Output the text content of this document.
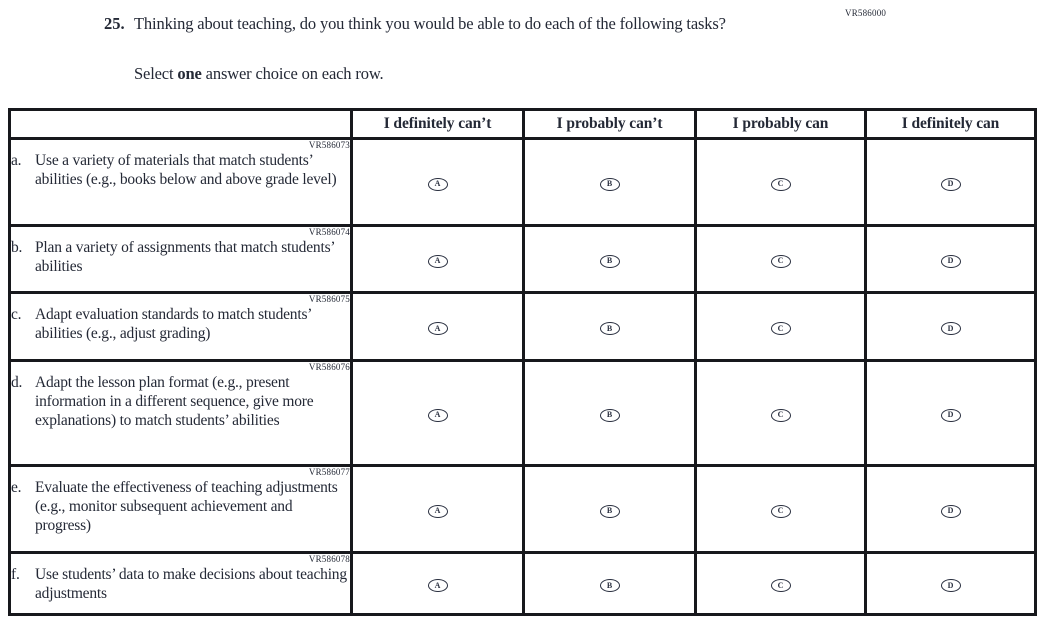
VR586000
25. Thinking about teaching, do you think you would be able to do each of the following tasks?
Select one answer choice on each row.
	I definitely can’t	I probably can’t	I probably can	I definitely can

VR586073
a. Use a variety of materials that match students’ abilities (e.g., books below and above grade level)	A	B	C	D

VR586074
b. Plan a variety of assignments that match students’ abilities	A	B	C	D

VR586075
c. Adapt evaluation standards to match students’ abilities (e.g., adjust grading)	A	B	C	D

VR586076
d. Adapt the lesson plan format (e.g., present information in a different sequence, give more explanations) to match students’ abilities	A	B	C	D

VR586077
e. Evaluate the effectiveness of teaching adjustments (e.g., monitor subsequent achievement and progress)	A	B	C	D

VR586078
f. Use students’ data to make decisions about teaching adjustments	A	B	C	D
